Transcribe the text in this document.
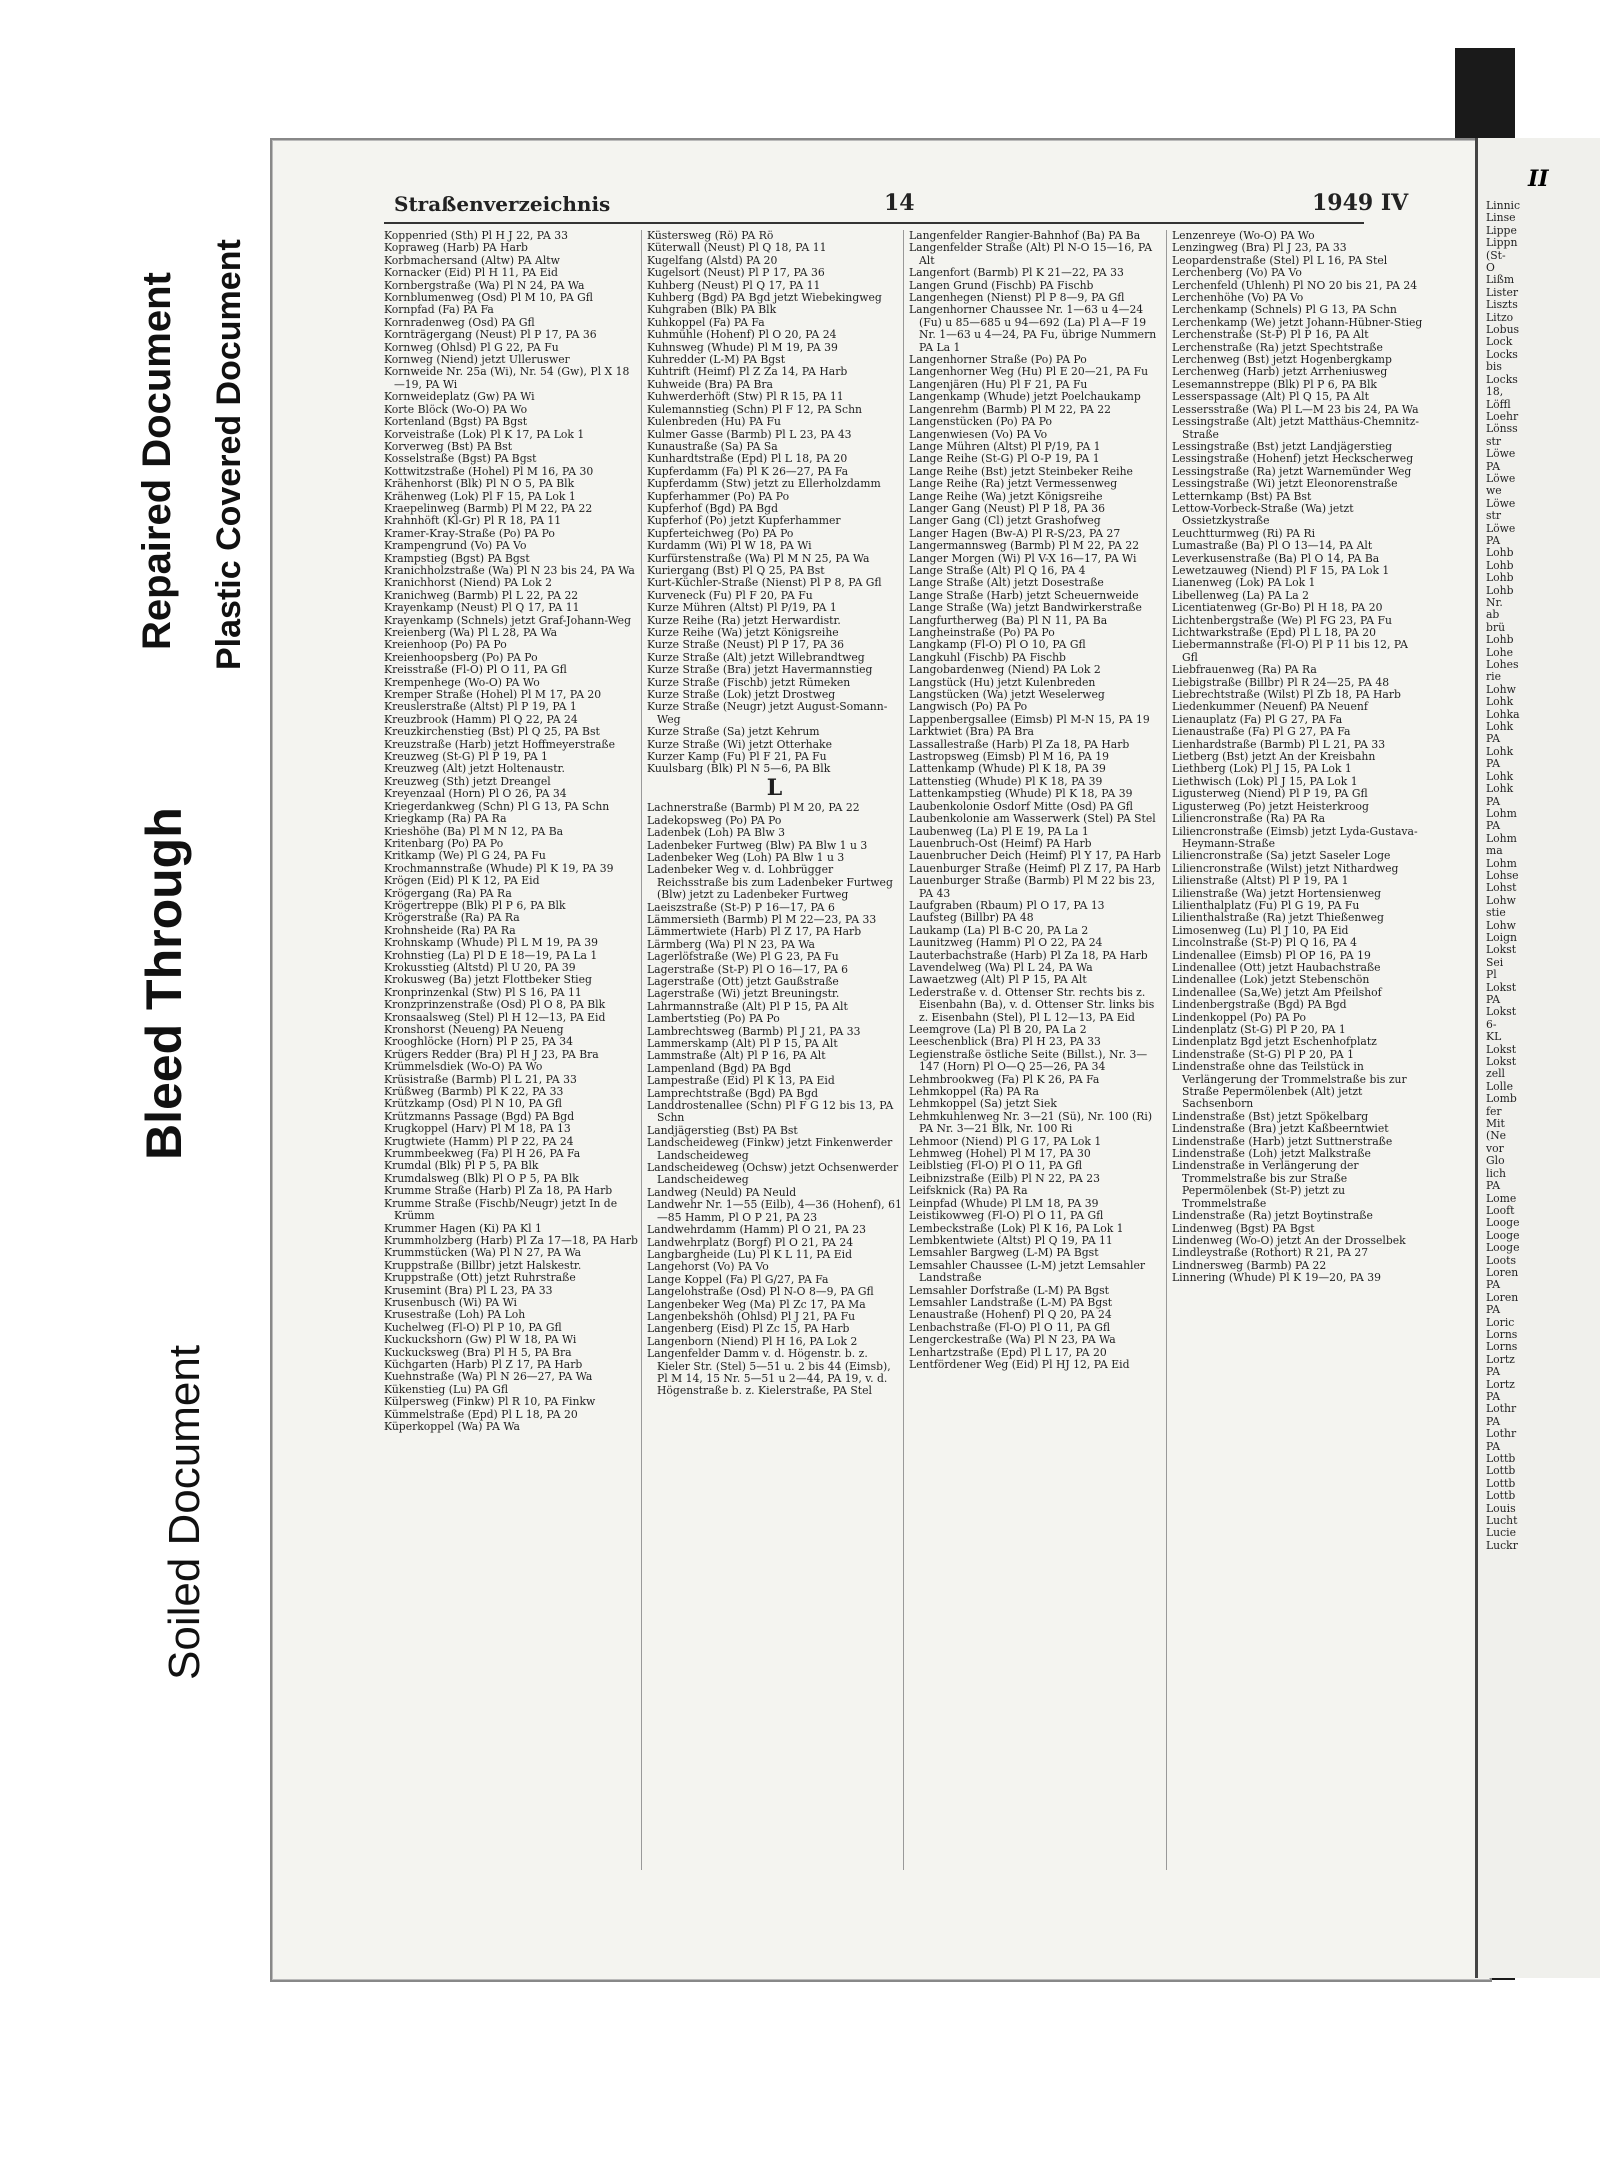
Bleed Through
Repaired Document Plastic Covered Document
Soiled Document
Straßenverzeichnis	14	1949 IV
Koppenried (Sth) Pl H J 22, PA 33
Kopraweg (Harb) PA Harb
Korbmachersand (Altw) PA Altw
Kornacker (Eid) Pl H 11, PA Eid
Kornbergstraße (Wa) Pl N 24, PA Wa
Kornblumenweg (Osd) Pl M 10, PA Gfl
Kornpfad (Fa) PA Fa
Kornradenweg (Osd) PA Gfl
Kornträgergang (Neust) Pl P 17, PA 36
Kornweg (Ohlsd) Pl G 22, PA Fu
Kornweg (Niend) jetzt Ulleruswег
Kornweide Nr. 25a (Wi), Nr. 54 (Gw), Pl X 18—19, PA Wi
Kornweideplatz (Gw) PA Wi
Korte Blöck (Wo-O) PA Wo
Kortenland (Bgst) PA Bgst
Korveistraße (Lok) Pl K 17, PA Lok 1
Korverweg (Bst) PA Bst
Kosselstraße (Bgst) PA Bgst
Kottwitzstraße (Hohel) Pl M 16, PA 30
Krähenhorst (Blk) Pl N O 5, PA Blk
Krähenweg (Lok) Pl F 15, PA Lok 1
Kraepelinweg (Barmb) Pl M 22, PA 22
Krahnhöft (Kl-Gr) Pl R 18, PA 11
Kramer-Kray-Straße (Po) PA Po
Krampengrund (Vo) PA Vo
Krampstieg (Bgst) PA Bgst
Kranichholzstraße (Wa) Pl N 23 bis 24, PA Wa
Kranichhorst (Niend) PA Lok 2
Kranichweg (Barmb) Pl L 22, PA 22
Krayenkamp (Neust) Pl Q 17, PA 11
Krayenkamp (Schnels) jetzt Graf-Johann-Weg
Kreienberg (Wa) Pl L 28, PA Wa
Kreienhoop (Po) PA Po
Kreienhoopsberg (Po) PA Po
Kreisstraße (Fl-O) Pl O 11, PA Gfl
Krempenhege (Wo-O) PA Wo
Kremper Straße (Hohel) Pl M 17, PA 20
Kreuslerstraße (Altst) Pl P 19, PA 1
Kreuzbrook (Hamm) Pl Q 22, PA 24
Kreuzkirchenstieg (Bst) Pl Q 25, PA Bst
Kreuzstraße (Harb) jetzt Hoffmeyerstraße
Kreuzweg (St-G) Pl P 19, PA 1
Kreuzweg (Alt) jetzt Holtenaustr.
Kreuzweg (Sth) jetzt Dreangel
Kreyenzaal (Horn) Pl O 26, PA 34
Kriegerdankweg (Schn) Pl G 13, PA Schn
Kriegkamp (Ra) PA Ra
Krieshöhe (Ba) Pl M N 12, PA Ba
Kritenbarg (Po) PA Po
Kritkamp (We) Pl G 24, PA Fu
Krochmannstraße (Whude) Pl K 19, PA 39
Krögen (Eid) Pl K 12, PA Eid
Krögergang (Ra) PA Ra
Krögertreppe (Blk) Pl P 6, PA Blk
Krögerstraße (Ra) PA Ra
Krohnsheide (Ra) PA Ra
Krohnskamp (Whude) Pl L M 19, PA 39
Krohnstieg (La) Pl D E 18—19, PA La 1
Krokusstieg (Altstd) Pl U 20, PA 39
Krokusweg (Ba) jetzt Flottbeker Stieg
Kronprinzenkal (Stw) Pl S 16, PA 11
Kronzprinzenstraße (Osd) Pl O 8, PA Blk
Kronsaalsweg (Stel) Pl H 12—13, PA Eid
Kronshorst (Neueng) PA Neueng
Krooghlöcke (Horn) Pl P 25, PA 34
Krügers Redder (Bra) Pl H J 23, PA Bra
Krümmelsdiek (Wo-O) PA Wo
Krüsistraße (Barmb) Pl L 21, PA 33
Krüßweg (Barmb) Pl K 22, PA 33
Krützkamp (Osd) Pl N 10, PA Gfl
Krützmanns Passage (Bgd) PA Bgd
Krugkoppel (Harv) Pl M 18, PA 13
Krugtwiete (Hamm) Pl P 22, PA 24
Krummbeekweg (Fa) Pl H 26, PA Fa
Krumdal (Blk) Pl P 5, PA Blk
Krumdalsweg (Blk) Pl O P 5, PA Blk
Krumme Straße (Harb) Pl Za 18, PA Harb
Krumme Straße (Fischb/Neugr) jetzt In de Krümm
Krummer Hagen (Ki) PA Kl 1
Krummholzberg (Harb) Pl Za 17—18, PA Harb
Krummstücken (Wa) Pl N 27, PA Wa
Kruppstraße (Billbr) jetzt Halskestr.
Kruppstraße (Ott) jetzt Ruhrstraße
Krusemint (Bra) Pl L 23, PA 33
Krusenbusch (Wi) PA Wi
Krusestraße (Loh) PA Loh
Kuchelweg (Fl-O) Pl P 10, PA Gfl
Kuckuckshorn (Gw) Pl W 18, PA Wi
Kuckucksweg (Bra) Pl H 5, PA Bra
Küchgarten (Harb) Pl Z 17, PA Harb
Kuehnstraße (Wa) Pl N 26—27, PA Wa
Kükenstieg (Lu) PA Gfl
Külpersweg (Finkw) Pl R 10, PA Finkw
Kümmelstraße (Epd) Pl L 18, PA 20
Küperkoppel (Wa) PA Wa
Küstersweg (Rö) PA Rö
Küterwall (Neust) Pl Q 18, PA 11
Kugelfang (Alstd) PA 20
Kugelsort (Neust) Pl P 17, PA 36
Kuhberg (Neust) Pl Q 17, PA 11
Kuhberg (Bgd) PA Bgd jetzt Wiebekingweg
Kuhgraben (Blk) PA Blk
Kuhkoppel (Fa) PA Fa
Kuhmühle (Hohenf) Pl O 20, PA 24
Kuhnsweg (Whude) Pl M 19, PA 39
Kuhredder (L-M) PA Bgst
Kuhtrift (Heimf) Pl Z Za 14, PA Harb
Kuhweide (Bra) PA Bra
Kuhwerderhöft (Stw) Pl R 15, PA 11
Kulemannstieg (Schn) Pl F 12, PA Schn
Kulenbreden (Hu) PA Fu
Kulmer Gasse (Barmb) Pl L 23, PA 43
Kunaustraße (Sa) PA Sa
Kunhardtstraße (Epd) Pl L 18, PA 20
Kupferdamm (Fa) Pl K 26—27, PA Fa
Kupferdamm (Stw) jetzt zu Ellerholzdamm
Kupferhammer (Po) PA Po
Kupferhof (Bgd) PA Bgd
Kupferhof (Po) jetzt Kupferhammer
Kupferteichweg (Po) PA Po
Kurdamm (Wi) Pl W 18, PA Wi
Kurfürstenstraße (Wa) Pl M N 25, PA Wa
Kuriergang (Bst) Pl Q 25, PA Bst
Kurt-Küchler-Straße (Nienst) Pl P 8, PA Gfl
Kurveneck (Fu) Pl F 20, PA Fu
Kurze Mühren (Altst) Pl P/19, PA 1
Kurze Reihe (Ra) jetzt Herwardistr.
Kurze Reihe (Wa) jetzt Königsreihe
Kurze Straße (Neust) Pl P 17, PA 36
Kurze Straße (Alt) jetzt Willebrandtweg
Kurze Straße (Bra) jetzt Havermannstieg
Kurze Straße (Fischb) jetzt Rümeken
Kurze Straße (Lok) jetzt Drostweg
Kurze Straße (Neugr) jetzt August-Somann-Weg
Kurze Straße (Sa) jetzt Kehrum
Kurze Straße (Wi) jetzt Otterhake
Kurzer Kamp (Fu) Pl F 21, PA Fu
Kuulsbarg (Blk) Pl N 5—6, PA Blk
L
Lachnerstraße (Barmb) Pl M 20, PA 22
Ladekopsweg (Po) PA Po
Ladenbek (Loh) PA Blw 3
Ladenbeker Furtweg (Blw) PA Blw 1 u 3
Ladenbeker Weg (Loh) PA Blw 1 u 3
Ladenbeker Weg v. d. Lohbrügger Reichsstraße bis zum Ladenbeker Furtweg (Blw) jetzt zu Ladenbeker Furtweg
Laeiszstraße (St-P) P 16—17, PA 6
Lämmersieth (Barmb) Pl M 22—23, PA 33
Lämmertwiete (Harb) Pl Z 17, PA Harb
Lärmberg (Wa) Pl N 23, PA Wa
Lagerlöfstraße (We) Pl G 23, PA Fu
Lagerstraße (St-P) Pl O 16—17, PA 6
Lagerstraße (Ott) jetzt Gaußstraße
Lagerstraße (Wi) jetzt Breuningstr.
Lahrmannstraße (Alt) Pl P 15, PA Alt
Lambertstieg (Po) PA Po
Lambrechtsweg (Barmb) Pl J 21, PA 33
Lammerskamp (Alt) Pl P 15, PA Alt
Lammstraße (Alt) Pl P 16, PA Alt
Lampenland (Bgd) PA Bgd
Lampestraße (Eid) Pl K 13, PA Eid
Lamprechtstraße (Bgd) PA Bgd
Landdrostenallee (Schn) Pl F G 12 bis 13, PA Schn
Landjägerstieg (Bst) PA Bst
Landscheideweg (Finkw) jetzt Finkenwerder Landscheideweg
Landscheideweg (Ochsw) jetzt Ochsenwerder Landscheideweg
Landweg (Neuld) PA Neuld
Landwehr Nr. 1—55 (Eilb), 4—36 (Hohenf), 61—85 Hamm, Pl O P 21, PA 23
Landwehrdamm (Hamm) Pl O 21, PA 23
Landwehrplatz (Borgf) Pl O 21, PA 24
Langbargheide (Lu) Pl K L 11, PA Eid
Langehorst (Vo) PA Vo
Lange Koppel (Fa) Pl G/27, PA Fa
Langelohstraße (Osd) Pl N-O 8—9, PA Gfl
Langenbeker Weg (Ma) Pl Zc 17, PA Ma
Langenbekshöh (Ohlsd) Pl J 21, PA Fu
Langenberg (Eisd) Pl Zc 15, PA Harb
Langenborn (Niend) Pl H 16, PA Lok 2
Langenfelder Damm v. d. Högenstr. b. z. Kieler Str. (Stel) 5—51 u. 2 bis 44 (Eimsb), Pl M 14, 15 Nr. 5—51 u 2—44, PA 19, v. d. Högenstraße b. z. Kielerstraße, PA Stel
Langenfelder Rangier-Bahnhof (Ba) PA Ba
Langenfelder Straße (Alt) Pl N-O 15—16, PA Alt
Langenfort (Barmb) Pl K 21—22, PA 33
Langen Grund (Fischb) PA Fischb
Langenhegen (Nienst) Pl P 8—9, PA Gfl
Langenhorner Chaussee Nr. 1—63 u 4—24 (Fu) u 85—685 u 94—692 (La) Pl A—F 19 Nr. 1—63 u 4—24, PA Fu, übrige Nummern PA La 1
Langenhorner Straße (Po) PA Po
Langenhorner Weg (Hu) Pl E 20—21, PA Fu
Langenjären (Hu) Pl F 21, PA Fu
Langenkamp (Whude) jetzt Poelchaukamp
Langenrehm (Barmb) Pl M 22, PA 22
Langenstücken (Po) PA Po
Langenwiesen (Vo) PA Vo
Lange Mühren (Altst) Pl P/19, PA 1
Lange Reihe (St-G) Pl O-P 19, PA 1
Lange Reihe (Bst) jetzt Steinbeker Reihe
Lange Reihe (Ra) jetzt Vermessenweg
Lange Reihe (Wa) jetzt Königsreihe
Langer Gang (Neust) Pl P 18, PA 36
Langer Gang (Cl) jetzt Grashofweg
Langer Hagen (Bw-A) Pl R-S/23, PA 27
Langermannsweg (Barmb) Pl M 22, PA 22
Langer Morgen (Wi) Pl V-X 16—17, PA Wi
Lange Straße (Alt) Pl Q 16, PA 4
Lange Straße (Alt) jetzt Dosestraße
Lange Straße (Harb) jetzt Scheuernweide
Lange Straße (Wa) jetzt Bandwirkerstraße
Langfurtherweg (Ba) Pl N 11, PA Ba
Langheinstraße (Po) PA Po
Langkamp (Fl-O) Pl O 10, PA Gfl
Langkuhl (Fischb) PA Fischb
Langobardenweg (Niend) PA Lok 2
Langstück (Hu) jetzt Kulenbreden
Langstücken (Wa) jetzt Weselerweg
Langwisch (Po) PA Po
Lappenbergsallee (Eimsb) Pl M-N 15, PA 19
Larktwiet (Bra) PA Bra
Lassallestraße (Harb) Pl Za 18, PA Harb
Lastropsweg (Eimsb) Pl M 16, PA 19
Lattenkamp (Whude) Pl K 18, PA 39
Lattenstieg (Whude) Pl K 18, PA 39
Lattenkampstieg (Whude) Pl K 18, PA 39
Laubenkolonie Osdorf Mitte (Osd) PA Gfl
Laubenkolonie am Wasserwerk (Stel) PA Stel
Laubenweg (La) Pl E 19, PA La 1
Lauenbruch-Ost (Heimf) PA Harb
Lauenbrucher Deich (Heimf) Pl Y 17, PA Harb
Lauenburger Straße (Heimf) Pl Z 17, PA Harb
Lauenburger Straße (Barmb) Pl M 22 bis 23, PA 43
Laufgraben (Rbaum) Pl O 17, PA 13
Laufsteg (Billbr) PA 48
Laukamp (La) Pl B-C 20, PA La 2
Launitzweg (Hamm) Pl O 22, PA 24
Lauterbachstraße (Harb) Pl Za 18, PA Harb
Lavendelweg (Wa) Pl L 24, PA Wa
Lawaetzweg (Alt) Pl P 15, PA Alt
Lederstraße v. d. Ottenser Str. rechts bis z. Eisenbahn (Ba), v. d. Ottenser Str. links bis z. Eisenbahn (Stel), Pl L 12—13, PA Eid
Leemgrove (La) Pl B 20, PA La 2
Leeschenblick (Bra) Pl H 23, PA 33
Legienstraße östliche Seite (Billst.), Nr. 3—147 (Horn) Pl O—Q 25—26, PA 34
Lehmbrookweg (Fa) Pl K 26, PA Fa
Lehmkoppel (Ra) PA Ra
Lehmkoppel (Sa) jetzt Siek
Lehmkuhlenweg Nr. 3—21 (Sü), Nr. 100 (Ri) PA Nr. 3—21 Blk, Nr. 100 Ri
Lehmoor (Niend) Pl G 17, PA Lok 1
Lehmweg (Hohel) Pl M 17, PA 30
Leiblstieg (Fl-O) Pl O 11, PA Gfl
Leibnizstraße (Eilb) Pl N 22, PA 23
Leifsknick (Ra) PA Ra
Leinpfad (Whude) Pl LM 18, PA 39
Leistikowweg (Fl-O) Pl O 11, PA Gfl
Lembeckstraße (Lok) Pl K 16, PA Lok 1
Lembkentwiete (Altst) Pl Q 19, PA 11
Lemsahler Bargweg (L-M) PA Bgst
Lemsahler Chaussee (L-M) jetzt Lemsahler Landstraße
Lemsahler Dorfstraße (L-M) PA Bgst
Lemsahler Landstraße (L-M) PA Bgst
Lenaustraße (Hohenf) Pl Q 20, PA 24
Lenbachstraße (Fl-O) Pl O 11, PA Gfl
Lengerckestraße (Wa) Pl N 23, PA Wa
Lenhartzstraße (Epd) Pl L 17, PA 20
Lentfördener Weg (Eid) Pl HJ 12, PA Eid
Lenzenreye (Wo-O) PA Wo
Lenzingweg (Bra) Pl J 23, PA 33
Leopardenstraße (Stel) Pl L 16, PA Stel
Lerchenberg (Vo) PA Vo
Lerchenfeld (Uhlenh) Pl NO 20 bis 21, PA 24
Lerchenhöhe (Vo) PA Vo
Lerchenkamp (Schnels) Pl G 13, PA Schn
Lerchenkamp (We) jetzt Johann-Hübner-Stieg
Lerchenstraße (St-P) Pl P 16, PA Alt
Lerchenstraße (Ra) jetzt Spechtstraße
Lerchenweg (Bst) jetzt Hogenbergkamp
Lerchenweg (Harb) jetzt Arrheniusweg
Lesemannstreppe (Blk) Pl P 6, PA Blk
Lesserspassage (Alt) Pl Q 15, PA Alt
Lessersstraße (Wa) Pl L—M 23 bis 24, PA Wa
Lessingstraße (Alt) jetzt Matthäus-Chemnitz-Straße
Lessingstraße (Bst) jetzt Landjägerstieg
Lessingstraße (Hohenf) jetzt Heckscherweg
Lessingstraße (Ra) jetzt Warnemünder Weg
Lessingstraße (Wi) jetzt Eleonorenstraße
Letternkamp (Bst) PA Bst
Lettow-Vorbeck-Straße (Wa) jetzt Ossietzkystraße
Leuchtturmweg (Ri) PA Ri
Lumastraße (Ba) Pl O 13—14, PA Alt
Leverkusenstraße (Ba) Pl O 14, PA Ba
Lewetzauweg (Niend) Pl F 15, PA Lok 1
Lianenweg (Lok) PA Lok 1
Libellenweg (La) PA La 2
Licentiatenweg (Gr-Bo) Pl H 18, PA 20
Lichtenbergstraße (We) Pl FG 23, PA Fu
Lichtwarkstraße (Epd) Pl L 18, PA 20
Liebermannstraße (Fl-O) Pl P 11 bis 12, PA Gfl
Liebfrauenweg (Ra) PA Ra
Liebigstraße (Billbr) Pl R 24—25, PA 48
Liebrechtstraße (Wilst) Pl Zb 18, PA Harb
Liedenkummer (Neuenf) PA Neuenf
Lienauplatz (Fa) Pl G 27, PA Fa
Lienaustraße (Fa) Pl G 27, PA Fa
Lienhardstraße (Barmb) Pl L 21, PA 33
Lietberg (Bst) jetzt An der Kreisbahn
Liethberg (Lok) Pl J 15, PA Lok 1
Liethwisch (Lok) Pl J 15, PA Lok 1
Ligusterweg (Niend) Pl P 19, PA Gfl
Ligusterweg (Po) jetzt Heisterkroog
Liliencronstraße (Ra) PA Ra
Liliencronstraße (Eimsb) jetzt Lyda-Gustava-Heymann-Straße
Liliencronstraße (Sa) jetzt Saseler Loge
Liliencronstraße (Wilst) jetzt Nithardweg
Lilienstraße (Altst) Pl P 19, PA 1
Lilienstraße (Wa) jetzt Hortensienweg
Lilienthalplatz (Fu) Pl G 19, PA Fu
Lilienthalstraße (Ra) jetzt Thießenweg
Limosenweg (Lu) Pl J 10, PA Eid
Lincolnstraße (St-P) Pl Q 16, PA 4
Lindenallee (Eimsb) Pl OP 16, PA 19
Lindenallee (Ott) jetzt Haubachstraße
Lindenallee (Lok) jetzt Stebenschön
Lindenallee (Sa,We) jetzt Am Pfeilshof
Lindenbergstraße (Bgd) PA Bgd
Lindenkoppel (Po) PA Po
Lindenplatz (St-G) Pl P 20, PA 1
Lindenplatz Bgd jetzt Eschenhofplatz
Lindenstraße (St-G) Pl P 20, PA 1
Lindenstraße ohne das Teilstück in Verlängerung der Trommelstraße bis zur Straße Pepermölenbek (Alt) jetzt Sachsenborn
Lindenstraße (Bst) jetzt Spökelbarg
Lindenstraße (Bra) jetzt Kaßbeerntwiet
Lindenstraße (Harb) jetzt Suttnerstraße
Lindenstraße (Loh) jetzt Malkstraße
Lindenstraße in Verlängerung der Trommelstraße bis zur Straße Pepermölenbek (St-P) jetzt zu Trommelstraße
Lindenstraße (Ra) jetzt Boytinstraße
Lindenweg (Bgst) PA Bgst
Lindenweg (Wo-O) jetzt An der Drosselbek
Lindleystraße (Rothort) R 21, PA 27
Lindnersweg (Barmb) PA 22
Linnering (Whude) Pl K 19—20, PA 39
II
Linnic
Linse
Lippe
Lippn
(St-
O
Lißm
Lister
Liszts
Litzo
Lobus
Lock
Locks
bis
Locks
18,
Löffl
Loehr
Lönss
str
Löwe
PA
Löwe
we
Löwe
str
Löwe
PA
Lohb
Lohb
Lohb
Lohb
Nr.
ab
brü
Lohb
Lohe
Lohes
rie
Lohw
Lohk
Lohka
Lohk
PA
Lohk
PA
Lohk
Lohk
PA
Lohm
PA
Lohm
ma
Lohm
Lohse
Lohst
Lohw
stie
Lohw
Loign
Lokst
Sei
Pl
Lokst
PA
Lokst
6-
KL
Lokst
Lokst
zell
Lolle
Lomb
fer
Mit
(Ne
vor
Glo
lich
PA
Lome
Looft
Looge
Looge
Looge
Loots
Loren
PA
Loren
PA
Loric
Lorns
Lorns
Lortz
PA
Lortz
PA
Lothr
PA
Lothr
PA
Lottb
Lottb
Lottb
Lottb
Louis
Lucht
Lucie
Luckr
